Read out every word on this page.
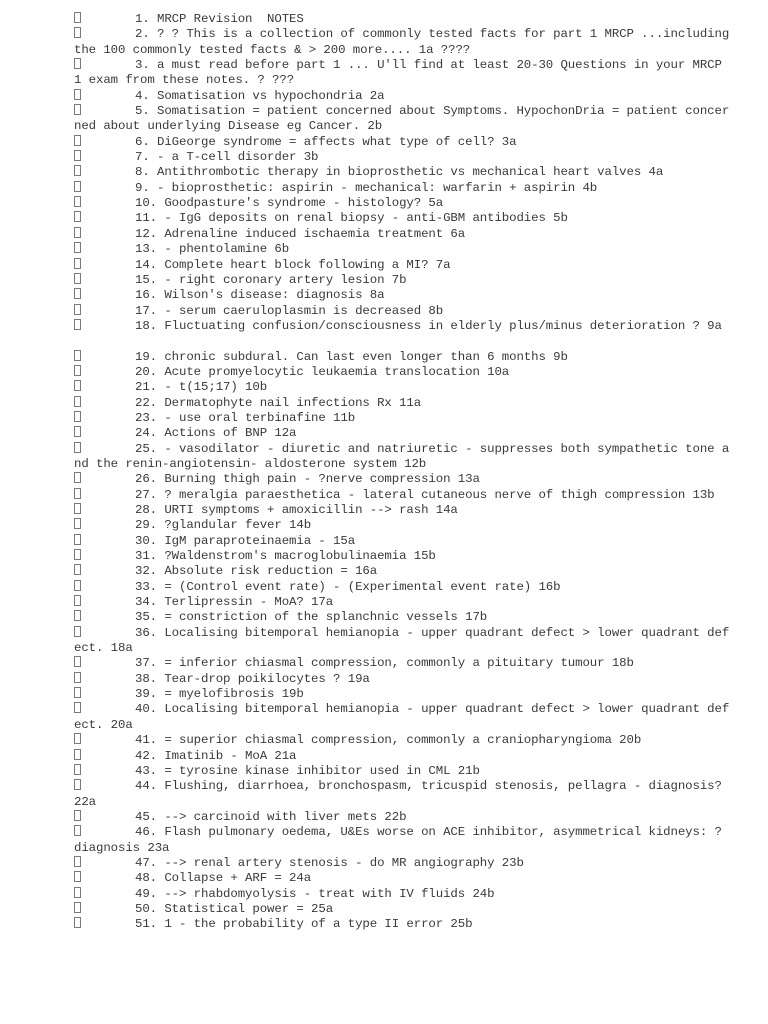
1. MRCP Revision  NOTES
2. ? ? This is a collection of commonly tested facts for part 1 MRCP ...including the 100 commonly tested facts & > 200 more.... 1a ????
3. a must read before part 1 ... U'll find at least 20-30 Questions in your MRCP 1 exam from these notes. ? ???
4. Somatisation vs hypochondria 2a
5. Somatisation = patient concerned about Symptoms. HypochonDria = patient concerned about underlying Disease eg Cancer. 2b
6. DiGeorge syndrome = affects what type of cell? 3a
7. - a T-cell disorder 3b
8. Antithrombotic therapy in bioprosthetic vs mechanical heart valves 4a
9. - bioprosthetic: aspirin - mechanical: warfarin + aspirin 4b
10. Goodpasture's syndrome - histology? 5a
11. - IgG deposits on renal biopsy - anti-GBM antibodies 5b
12. Adrenaline induced ischaemia treatment 6a
13. - phentolamine 6b
14. Complete heart block following a MI? 7a
15. - right coronary artery lesion 7b
16. Wilson's disease: diagnosis 8a
17. - serum caeruloplasmin is decreased 8b
18. Fluctuating confusion/consciousness in elderly plus/minus deterioration ? 9a
19. chronic subdural. Can last even longer than 6 months 9b
20. Acute promyelocytic leukaemia translocation 10a
21. - t(15;17) 10b
22. Dermatophyte nail infections Rx 11a
23. - use oral terbinafine 11b
24. Actions of BNP 12a
25. - vasodilator - diuretic and natriuretic - suppresses both sympathetic tone and the renin-angiotensin- aldosterone system 12b
26. Burning thigh pain - ?nerve compression 13a
27. ? meralgia paraesthetica - lateral cutaneous nerve of thigh compression 13b
28. URTI symptoms + amoxicillin --> rash 14a
29. ?glandular fever 14b
30. IgM paraproteinaemia - 15a
31. ?Waldenstrom's macroglobulinaemia 15b
32. Absolute risk reduction = 16a
33. = (Control event rate) - (Experimental event rate) 16b
34. Terlipressin - MoA? 17a
35. = constriction of the splanchnic vessels 17b
36. Localising bitemporal hemianopia - upper quadrant defect > lower quadrant defect. 18a
37. = inferior chiasmal compression, commonly a pituitary tumour 18b
38. Tear-drop poikilocytes ? 19a
39. = myelofibrosis 19b
40. Localising bitemporal hemianopia - upper quadrant defect > lower quadrant defect. 20a
41. = superior chiasmal compression, commonly a craniopharyngioma 20b
42. Imatinib - MoA 21a
43. = tyrosine kinase inhibitor used in CML 21b
44. Flushing, diarrhoea, bronchospasm, tricuspid stenosis, pellagra - diagnosis? 22a
45. --> carcinoid with liver mets 22b
46. Flash pulmonary oedema, U&Es worse on ACE inhibitor, asymmetrical kidneys: ? diagnosis 23a
47. --> renal artery stenosis - do MR angiography 23b
48. Collapse + ARF = 24a
49. --> rhabdomyolysis - treat with IV fluids 24b
50. Statistical power = 25a
51. 1 - the probability of a type II error 25b
